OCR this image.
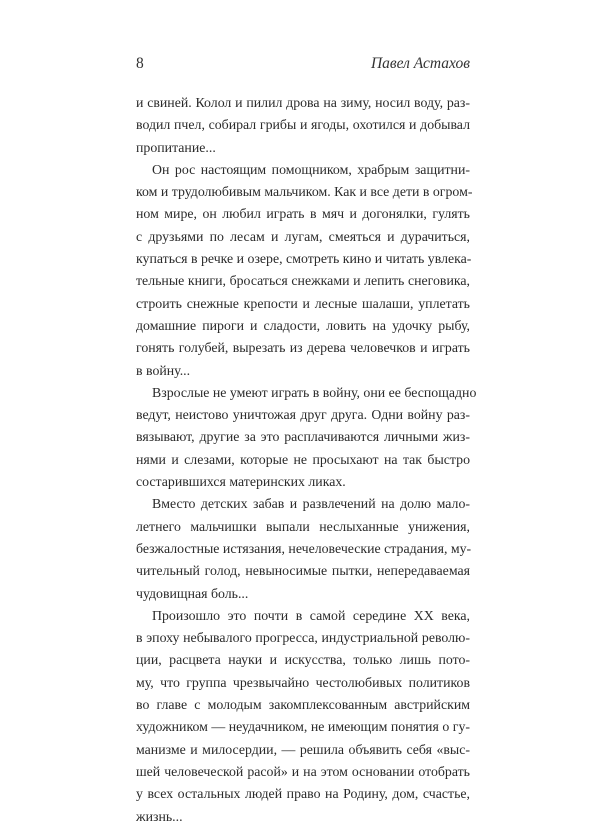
8	Павел Астахов
и свиней. Колол и пилил дрова на зиму, носил воду, раз-
водил пчел, собирал грибы и ягоды, охотился и добывал
пропитание...
Он рос настоящим помощником, храбрым защитни-
ком и трудолюбивым мальчиком. Как и все дети в огром-
ном мире, он любил играть в мяч и догонялки, гулять
с друзьями по лесам и лугам, смеяться и дурачиться,
купаться в речке и озере, смотреть кино и читать увлека-
тельные книги, бросаться снежками и лепить снеговика,
строить снежные крепости и лесные шалаши, уплетать
домашние пироги и сладости, ловить на удочку рыбу,
гонять голубей, вырезать из дерева человечков и играть
в войну...
Взрослые не умеют играть в войну, они ее беспощадно
ведут, неистово уничтожая друг друга. Одни войну раз-
вязывают, другие за это расплачиваются личными жиз-
нями и слезами, которые не просыхают на так быстро
состарившихся материнских ликах.
Вместо детских забав и развлечений на долю мало-
летнего мальчишки выпали неслыханные унижения,
безжалостные истязания, нечеловеческие страдания, му-
чительный голод, невыносимые пытки, непередаваемая
чудовищная боль...
Произошло это почти в самой середине ХХ века,
в эпоху небывалого прогресса, индустриальной револю-
ции, расцвета науки и искусства, только лишь пото-
му, что группа чрезвычайно честолюбивых политиков
во главе с молодым закомплексованным австрийским
художником — неудачником, не имеющим понятия о гу-
манизме и милосердии, — решила объявить себя «выс-
шей человеческой расой» и на этом основании отобрать
у всех остальных людей право на Родину, дом, счастье,
жизнь...
